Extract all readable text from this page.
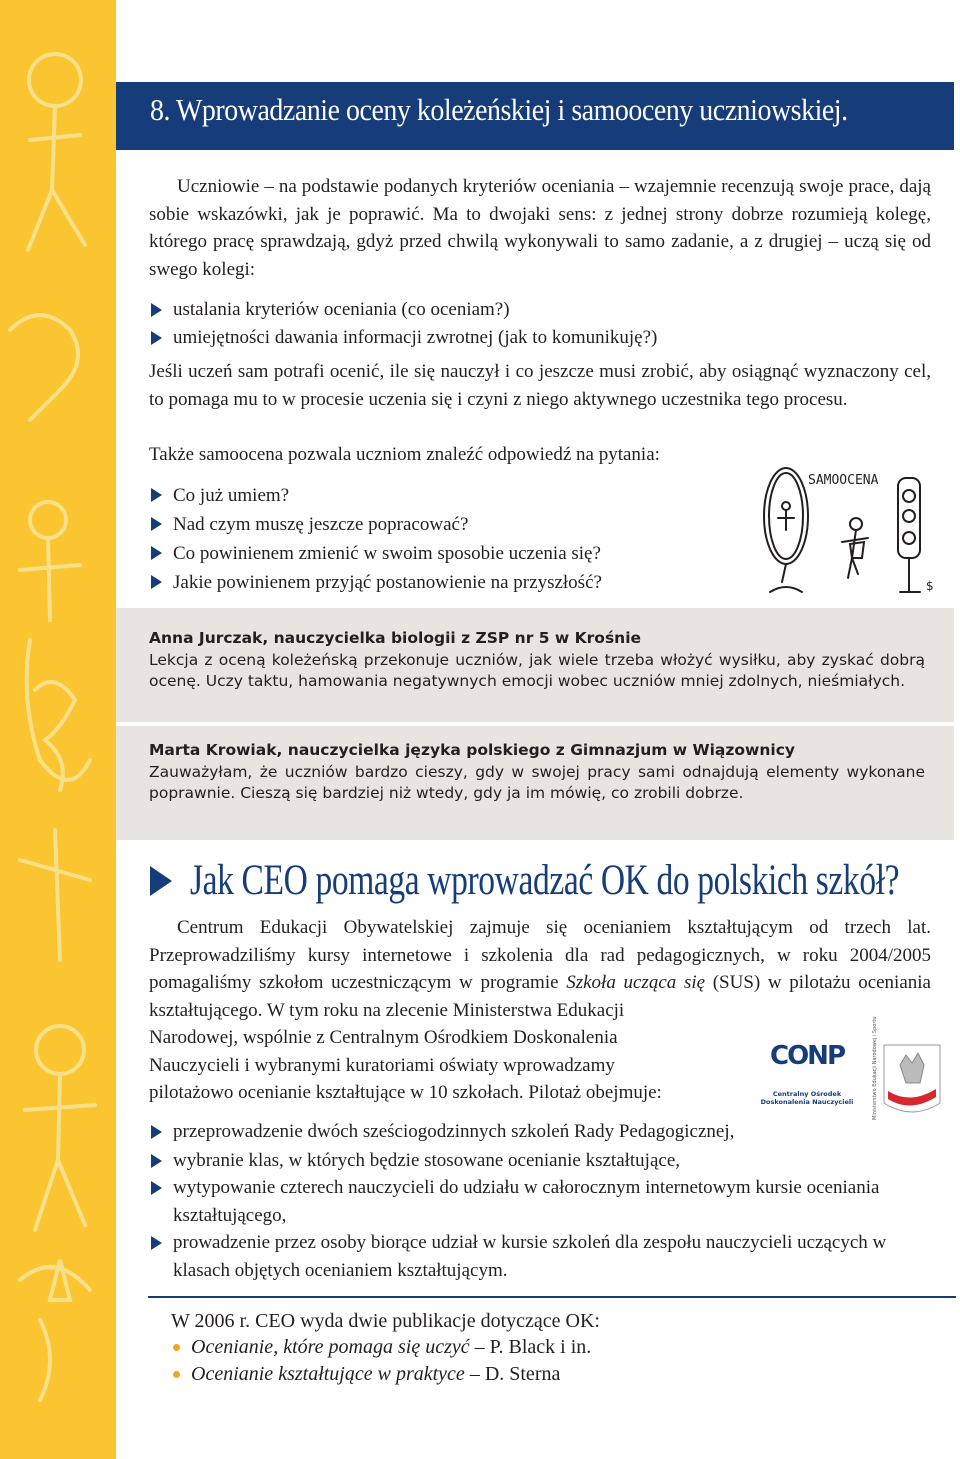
8. Wprowadzanie oceny koleżeńskiej i samooceny uczniowskiej.
Uczniowie – na podstawie podanych kryteriów oceniania – wzajemnie recenzują swoje prace, dają sobie wskazówki, jak je poprawić. Ma to dwojaki sens: z jednej strony dobrze rozumieją kolegę, którego pracę sprawdzają, gdyż przed chwilą wykonywali to samo zadanie, a z drugiej – uczą się od swego kolegi:
ustalania kryteriów oceniania (co oceniam?)
umiejętności dawania informacji zwrotnej (jak to komunikuję?)
Jeśli uczeń sam potrafi ocenić, ile się nauczył i co jeszcze musi zrobić, aby osiągnąć wyznaczony cel, to pomaga mu to w procesie uczenia się i czyni z niego aktywnego uczestnika tego procesu.
Także samoocena pozwala uczniom znaleźć odpowiedź na pytania:
Co już umiem?
Nad czym muszę jeszcze popracować?
Co powinienem zmienić w swoim sposobie uczenia się?
Jakie powinienem przyjąć postanowienie na przyszłość?
SAMOOCENA
$
Anna Jurczak, nauczycielka biologii z ZSP nr 5 w Krośnie
Lekcja z oceną koleżeńską przekonuje uczniów, jak wiele trzeba włożyć wysiłku, aby zyskać dobrą ocenę. Uczy taktu, hamowania negatywnych emocji wobec uczniów mniej zdolnych, nieśmiałych.
Marta Krowiak, nauczycielka języka polskiego z Gimnazjum w Wiązownicy
Zauważyłam, że uczniów bardzo cieszy, gdy w swojej pracy sami odnajdują elementy wykonane poprawnie. Cieszą się bardziej niż wtedy, gdy ja im mówię, co zrobili dobrze.
Jak CEO pomaga wprowadzać OK do polskich szkół?
Centrum Edukacji Obywatelskiej zajmuje się ocenianiem kształtującym od trzech lat. Przeprowadziliśmy kursy internetowe i szkolenia dla rad pedagogicznych, w roku 2004/2005 pomagaliśmy szkołom uczestniczącym w programie Szkoła ucząca się (SUS) w pilotażu oceniania kształtującego. W tym roku na zlecenie Ministerstwa Edukacji
Narodowej, wspólnie z Centralnym Ośrodkiem Doskonalenia
Nauczycieli i wybranymi kuratoriami oświaty wprowadzamy
pilotażowo ocenianie kształtujące w 10 szkołach. Pilotaż obejmuje:
CONP
Centralny Ośrodek
Doskonalenia Nauczycieli	Ministerstwo Edukacji Narodowej i Sportu
przeprowadzenie dwóch sześciogodzinnych szkoleń Rady Pedagogicznej,
wybranie klas, w których będzie stosowane ocenianie kształtujące,
wytypowanie czterech nauczycieli do udziału w całorocznym internetowym kursie oceniania kształtującego,
prowadzenie przez osoby biorące udział w kursie szkoleń dla zespołu nauczycieli uczących w klasach objętych ocenianiem kształtującym.
W 2006 r. CEO wyda dwie publikacje dotyczące OK:
Ocenianie, które pomaga się uczyć – P. Black i in.
Ocenianie kształtujące w praktyce – D. Sterna
